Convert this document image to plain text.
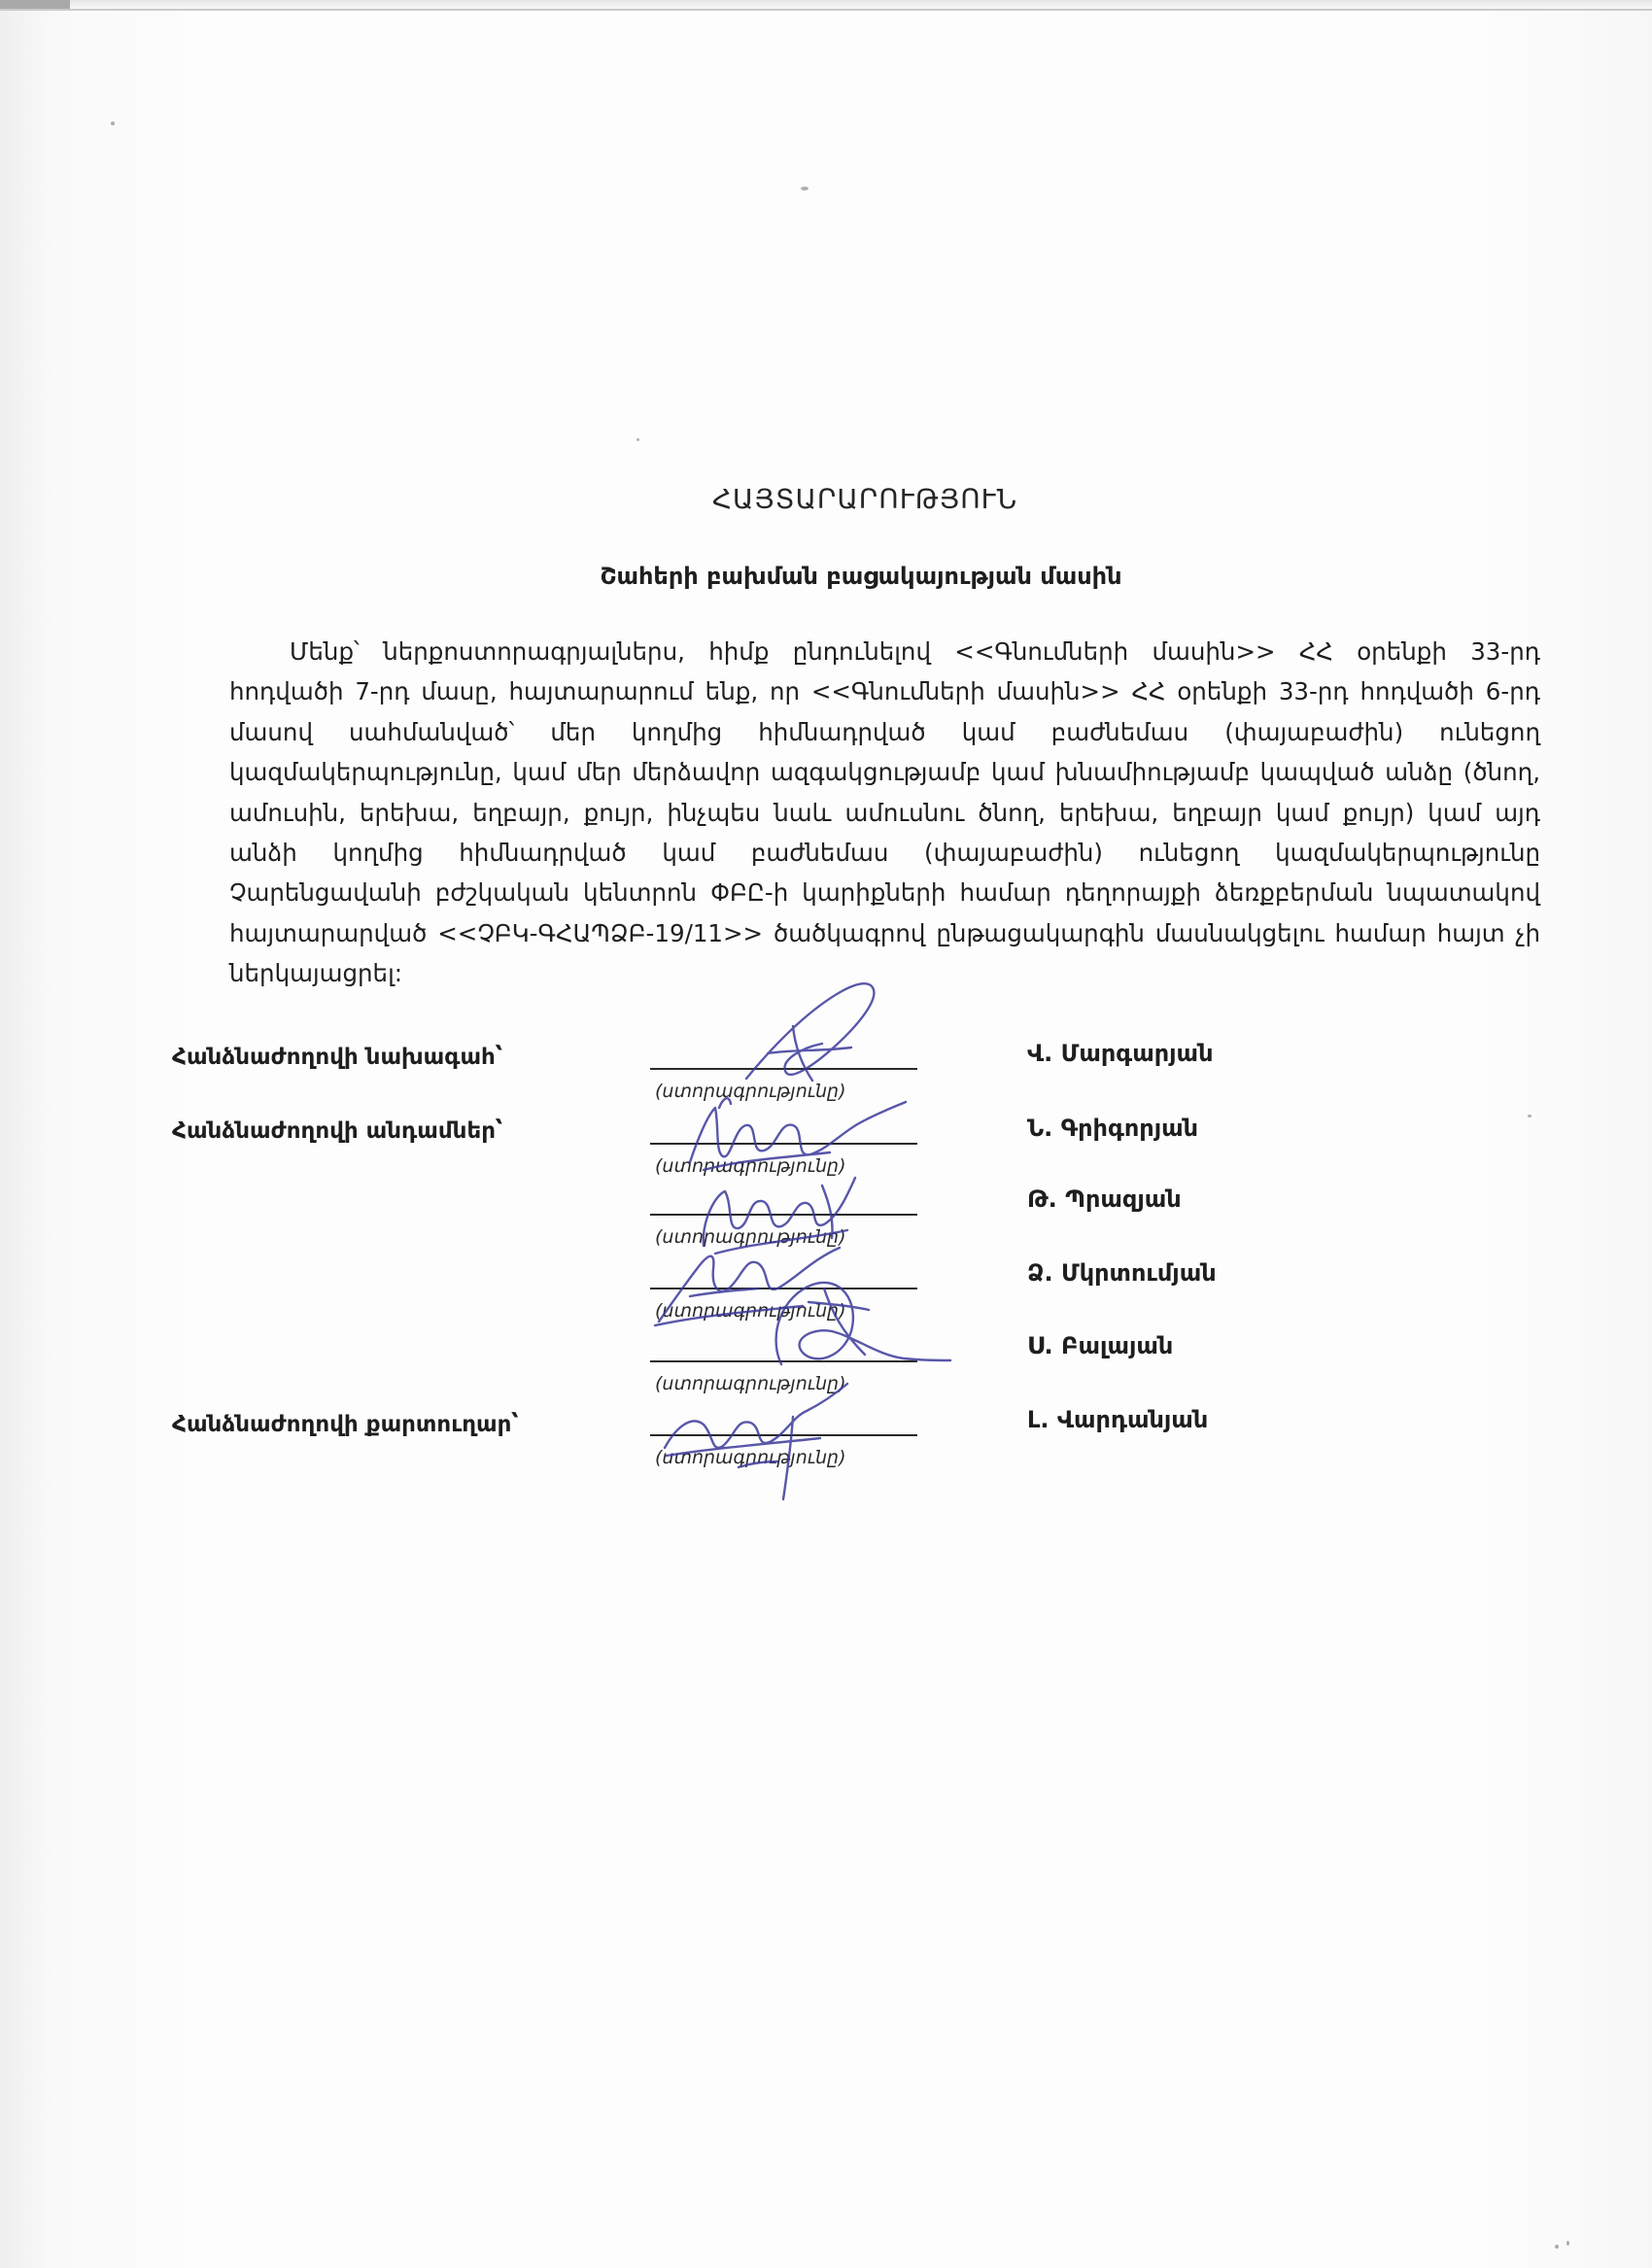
ՀԱՅՏԱՐԱՐՈՒԹՅՈՒՆ
Շահերի բախման բացակայության մասին
Մենք՝ ներքոստորագրյալներս, հիմք ընդունելով <<Գնումների մասին>> ՀՀ օրենքի 33-րդ
հոդվածի 7-րդ մասը, հայտարարում ենք, որ <<Գնումների մասին>> ՀՀ օրենքի 33-րդ հոդվածի 6-րդ
մասով սահմանված՝ մեր կողմից հիմնադրված կամ բաժնեմաս (փայաբաժին) ունեցող
կազմակերպությունը, կամ մեր մերձավոր ազգակցությամբ կամ խնամիությամբ կապված անձը (ծնող,
ամուսին, երեխա, եղբայր, քույր, ինչպես նաև ամուսնու ծնող, երեխա, եղբայր կամ քույր) կամ այդ
անձի կողմից հիմնադրված կամ բաժնեմաս (փայաբաժին) ունեցող կազմակերպությունը
Չարենցավանի բժշկական կենտրոն ՓԲԸ-ի կարիքների համար դեղորայքի ձեռքբերման նպատակով
հայտարարված <<ՉԲԿ-ԳՀԱՊՁԲ-19/11>> ծածկագրով ընթացակարգին մասնակցելու համար հայտ չի
ներկայացրել:
Հանձնաժողովի նախագահ՝
Հանձնաժողովի անդամներ՝
Հանձնաժողովի քարտուղար՝
(ստորագրությունը)
Վ. Մարգարյան
(ստորագրությունը)
Ն. Գրիգորյան
(ստորագրությունը)
Թ. Պրազյան
(ստորագրությունը)
Ձ. Մկրտումյան
(ստորագրությունը)
Ս. Բալայան
(ստորագրությունը)
Լ. Վարդանյան
